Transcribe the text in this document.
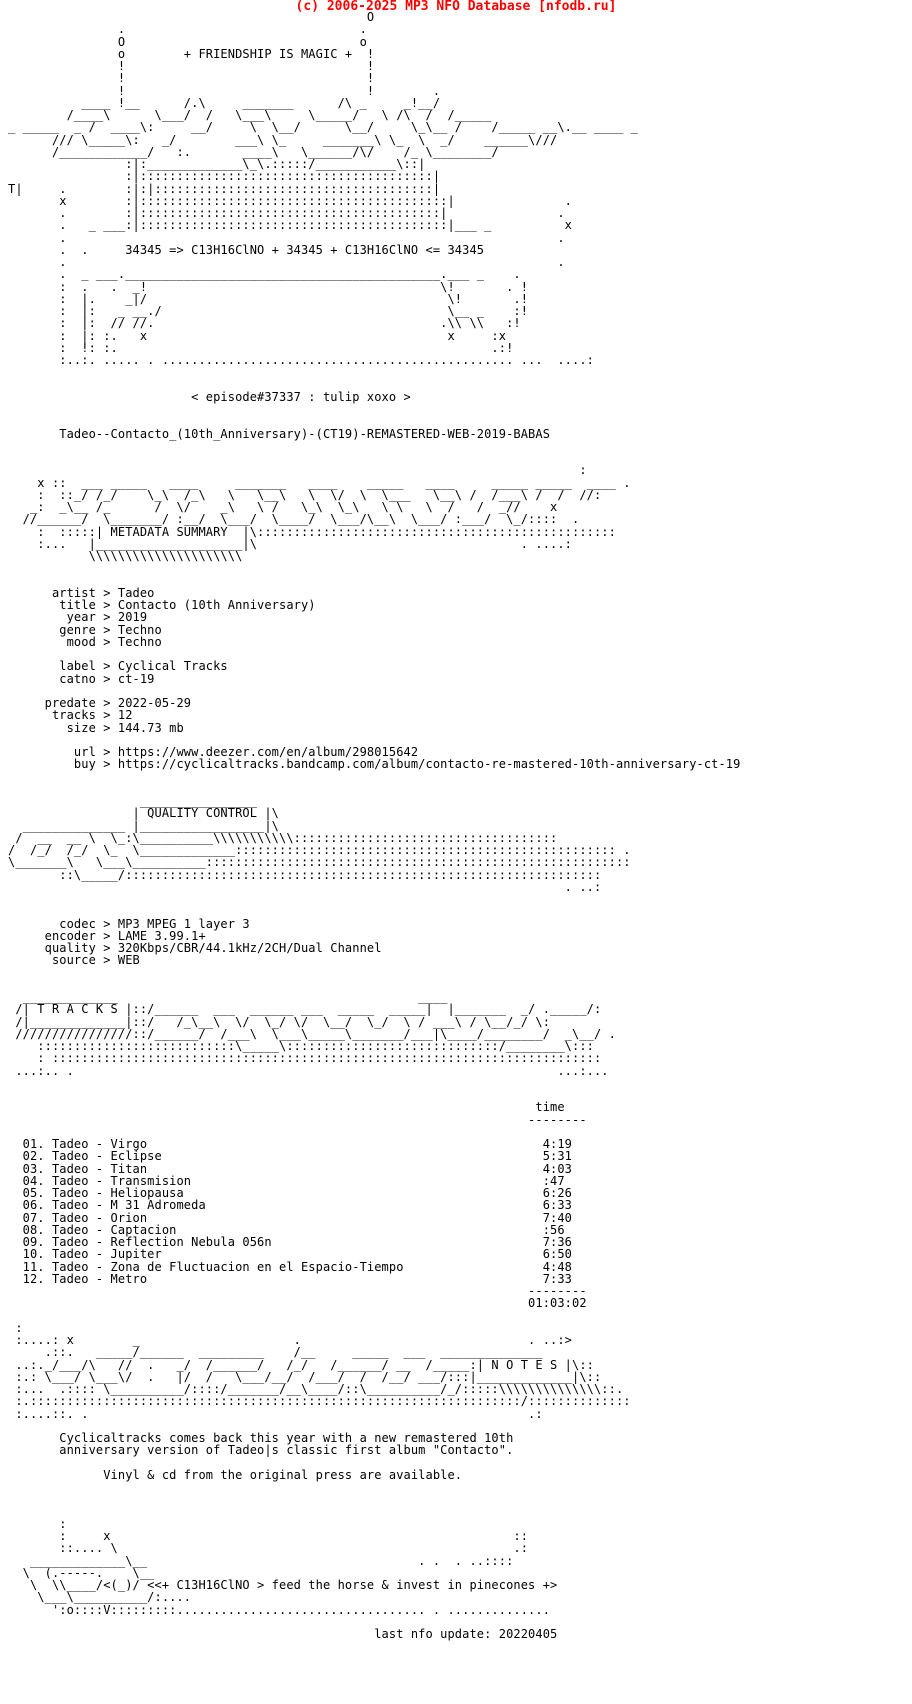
(c) 2006-2025 MP3 NFO Database [nfodb.ru]
O
.                                .
O                                o
o        + FRIENDSHIP IS MAGIC +  !
!                                 !
!                                 !
!                                 !        .
____ !__      /.\     _______      /\ _     _!__/
/____\      \___/  /   \___\     \_____/   \ /\  /  /_____
_ _____  _ /  ____\:     __/     \  \__/      \__/     \_\__ /    /_____ __\.__ ____ _
/// \_____\:   _/        ___\ \_     _______\ \_  \  _/    ______\///
/____________/   :.       ____\   \______/\/    /_ \________/
:|:_____________\_\.:::::/___________\::|
:|::::::::::::::::::::::::::::::::::::::::|
T|     .        :|:|::::::::::::::::::::::::::::::::::::::|
x        :|::::::::::::::::::::::::::::::::::::::::::|               .
.        :|:::::::::::::::::::::::::::::::::::::::::|               .
.   _ ___:|::::::::::::::::::::::::::::::::::::::::::|___ _          x
.                                                                   .
.  .     34345 => C13H16ClNO + 34345 + C13H16ClNO <= 34345
.                                                                   .
.  _ ___.___________________________________________.___ _    .
:  .   .  _!                                        \!       . !
:  |.    _|/                                         \!       .!
:  |:   _ __./                                       \__ _    :!
:  |:  // //.                                       .\\ \\   :!
:  |: :.   x                                         x     :x
:  !: :.                                                   .:!
:..:. ..... . ................................................ ...  ....:

< episode#37337 : tulip xoxo >

Tadeo--Contacto_(10th_Anniversary)-(CT19)-REMASTERED-WEB-2019-BABAS

:
x ::  ___ _____   ____     _______   ____    _____   ____     _____ _____  ____ .
:  ::_/ /_/    \_\  /_\   \   \__\   \  \/  \  \___   \__\ /  /___\ /  /  //:
_:  _\__ /_      /  \/    _\   \ /   \_\  \_\   \ \   \  /   /  _//    x
//______/  \_______/ :__/  \___/  \____/  \___/\__\  \___/ :___/  \_/::::  .
:  :::::| METADATA SUMMARY  |\:::::::::::::::::::::::::::::::::::::::::::::::::
:...   |____________________|\                                    . ....:
\\\\\\\\\\\\\\\\\\\\\

artist > Tadeo
title > Contacto (10th Anniversary)
year > 2019
genre > Techno
mood > Techno

label > Cyclical Tracks
catno > ct-19

predate > 2022-05-29
tracks > 12
size > 144.73 mb

url > https://www.deezer.com/en/album/298015642
buy > https://cyclicaltracks.bandcamp.com/album/contacto-re-mastered-10th-anniversary-ct-19

________________
| QUALITY CONTROL |\
______________ |_________________|\
/  __  __ \  \_:\__________\\\\\\\\\\\::::::::::::::::::::::::::::::::::::
/  /_/  /_/  \_  \_____________:::::::::::::::::::::::::::::::::::::::::::::::::::: .
\_______\   \___\__________::::::::::::::::::::::::::::::::::::::::::::::::::::::::::
::\_____/:::::::::::::::::::::::::::::::::::::::::::::::::::::::::::::::::
. ..:

codec > MP3 MPEG 1 layer 3
encoder > LAME 3.99.1+
quality > 320Kbps/CBR/44.1kHz/2CH/Dual Channel
source > WEB

_____________                                         ____
/| T R A C K S |::/______  ___  ______ ___  _____  _____|  |_______  _/ ._____/:
/|_____________|::/   /_\__\  \/  \_/ \/  \__/  \_/  \ / ___\ / \__/_/ \:
////////////////::/______/  /___\  \___\_____\_______/___|\____/________/  _\__/ .
:::::::::::::::::::::::::::\_____\:::::::::::::::::::::::::::::/________\:::
: :::::::::::::::::::::::::::::::::::::::::::::::::::::::::::::::::::::::::::
...:.. .                                                                  ...:...

time
--------

01. Tadeo - Virgo                                                      4:19
02. Tadeo - Eclipse                                                    5:31
03. Tadeo - Titan                                                      4:03
04. Tadeo - Transmision                                                :47
05. Tadeo - Heliopausa                                                 6:26
06. Tadeo - M 31 Adromeda                                              6:33
07. Tadeo - Orion                                                      7:40
08. Tadeo - Captacion                                                  :56
09. Tadeo - Reflection Nebula 056n                                     7:36
10. Tadeo - Jupiter                                                    6:50
11. Tadeo - Zona de Fluctuacion en el Espacio-Tiempo                   4:48
12. Tadeo - Metro                                                      7:33
--------
01:03:02

:
:....: x        _                     .                               . ..:>
.::.   _____/______  _________    /__     _____  ___  ______________
..:._/___/\   //  .   _/  /______/   /_/   /______/ __  /_____:| N O T E S |\::
:.: \___/ \___\/  .   |/  /   \___/__/  /___/  /  /__/ ___/:::|_____________|\::
:...  .:::: \__________/::::/_______/__\____/::\__________/_/:::::\\\\\\\\\\\\\\::.
:.:::::::::::::::::::::::::::::::::::::::::::::::::::::::::::::::::::/::::::::::::::
:....::. .                                                            .:

Cyclicaltracks comes back this year with a new remastered 10th
anniversary version of Tadeo|s classic first album "Contacto".

Vinyl & cd from the original press are available.

:
:     x                                                       ::
::.... \                                                      .:
_____________\__                                     . .  . ..::::
\  (.-----.    \__
\  \\____/<(_)/ <<+ C13H16ClNO > feed the horse & invest in pinecones +>
\___\__________/:....
':o::::V:::::::::.................................. . ..............

last nfo update: 20220405
